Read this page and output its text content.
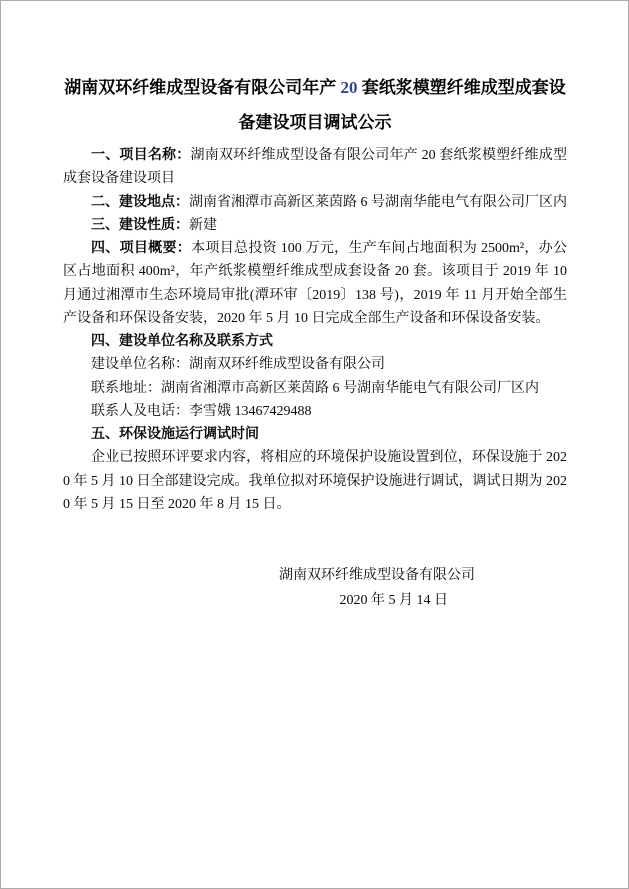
湖南双环纤维成型设备有限公司年产 20 套纸浆模塑纤维成型成套设备建设项目调试公示

一、项目名称：湖南双环纤维成型设备有限公司年产 20 套纸浆模塑纤维成型成套设备建设项目

二、建设地点：湖南省湘潭市高新区莱茵路 6 号湖南华能电气有限公司厂区内

三、建设性质：新建

四、项目概要：本项目总投资 100 万元，生产车间占地面积为 2500m²，办公区占地面积 400m²，年产纸浆模塑纤维成型成套设备 20 套。该项目于 2019 年 10 月通过湘潭市生态环境局审批(潭环审〔2019〕138 号)，2019 年 11 月开始全部生产设备和环保设备安装，2020 年 5 月 10 日完成全部生产设备和环保设备安装。

四、建设单位名称及联系方式

建设单位名称：湖南双环纤维成型设备有限公司

联系地址：湖南省湘潭市高新区莱茵路 6 号湖南华能电气有限公司厂区内

联系人及电话：李雪娥 13467429488

五、环保设施运行调试时间

企业已按照环评要求内容，将相应的环境保护设施设置到位，环保设施于 2020 年 5 月 10 日全部建设完成。我单位拟对环境保护设施进行调试，调试日期为 2020 年 5 月 15 日至 2020 年 8 月 15 日。

湖南双环纤维成型设备有限公司
2020 年 5 月 14 日
